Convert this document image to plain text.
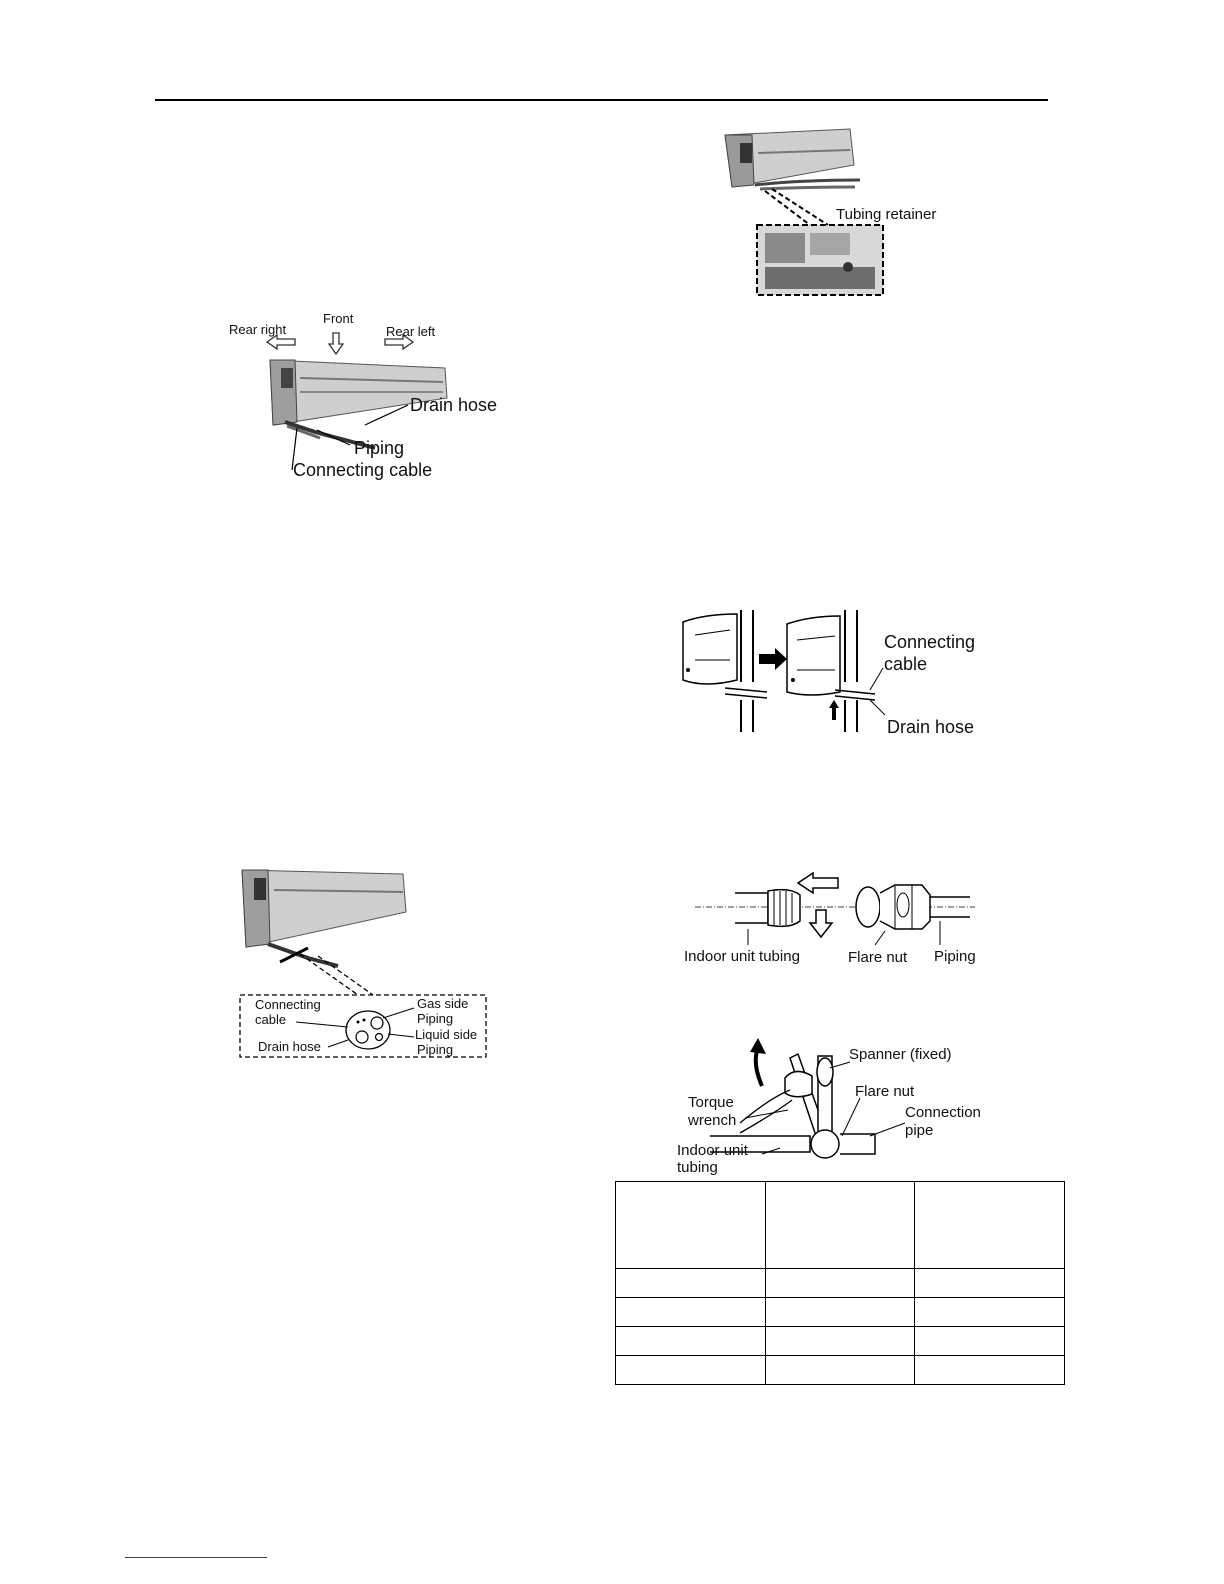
Rear right
Front
Rear left
Drain hose
Piping
Connecting cable
Tubing retainer
Connecting
cable
Drain hose
Connecting
cable
Drain hose
Gas side
Piping
Liquid side
Piping
Indoor unit tubing	Flare nut Piping
Spanner (fixed)
Flare nut
Torque
wrench	Connection
pipe
Indoor unit
tubing
